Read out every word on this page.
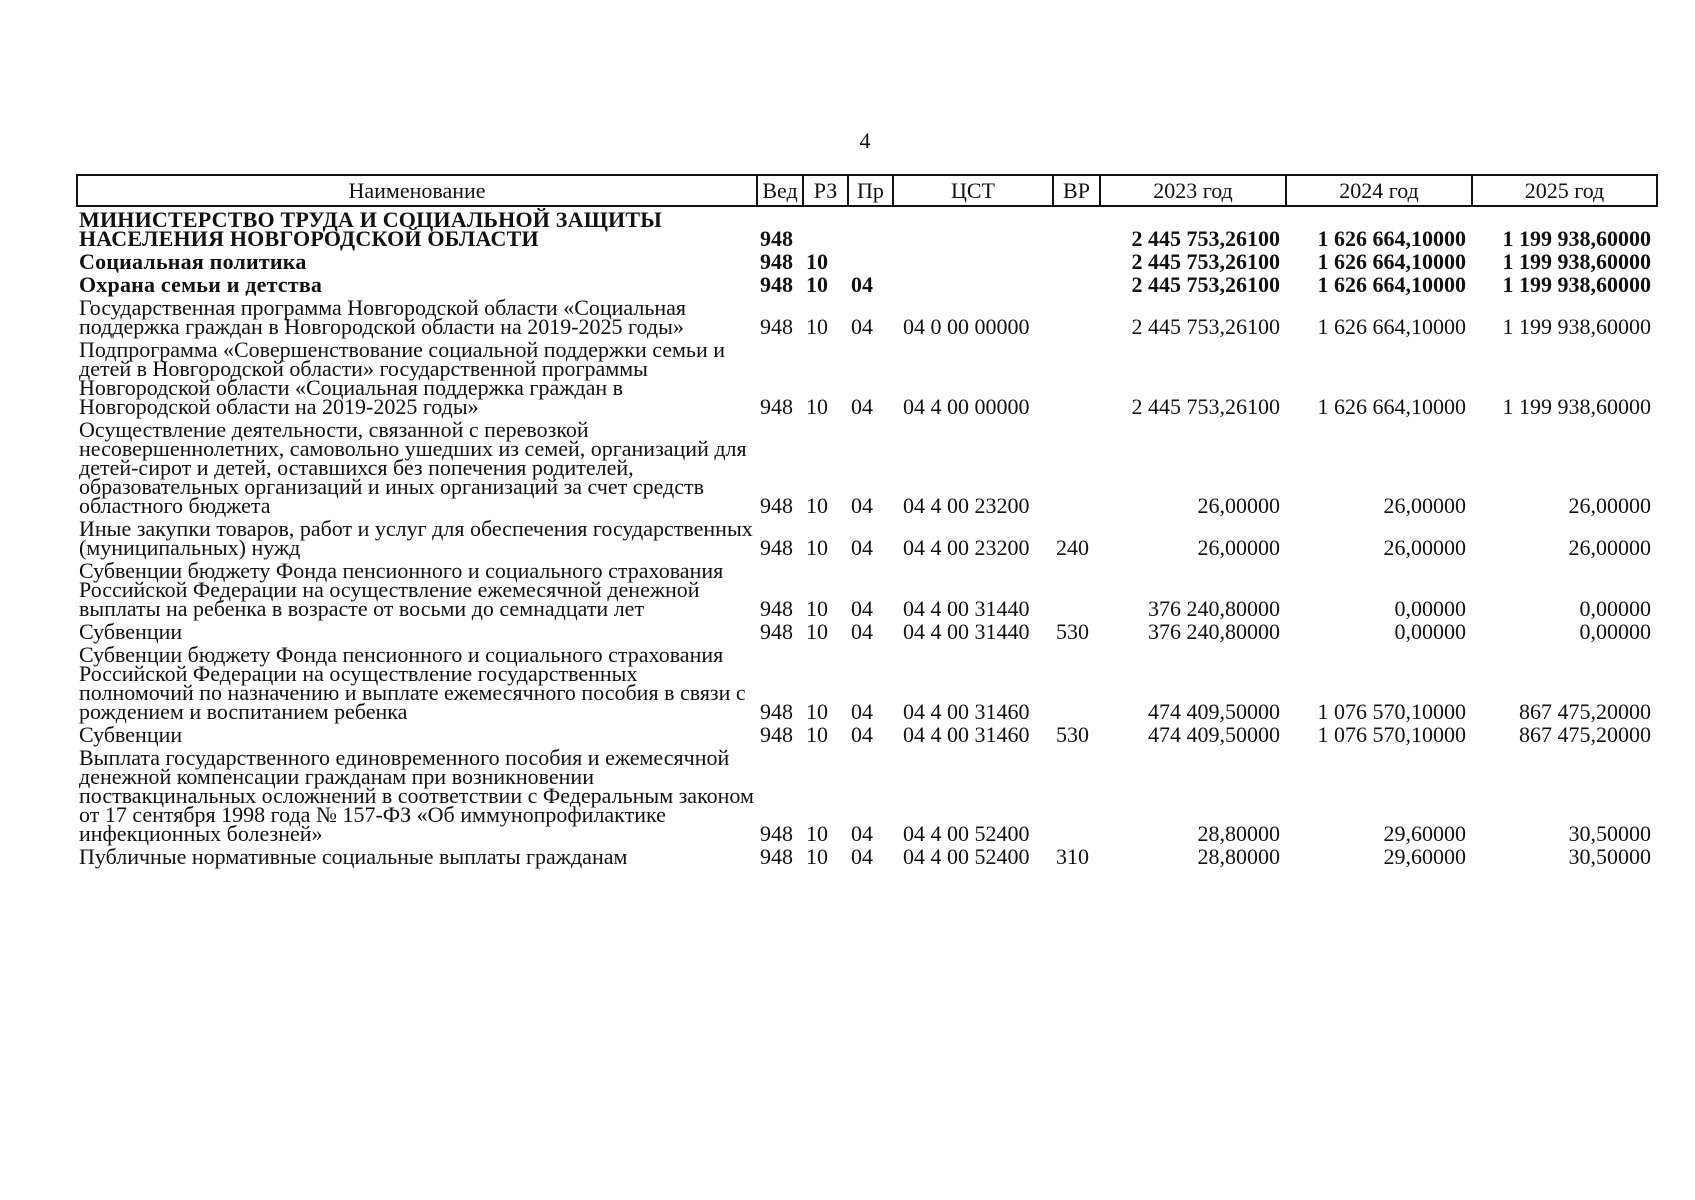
4
Наименование	Вед	РЗ	Пр	ЦСТ	ВР	2023 год	2024 год	2025 год
МИНИСТЕРСТВО ТРУДА И СОЦИАЛЬНОЙ ЗАЩИТЫ НАСЕЛЕНИЯ НОВГОРОДСКОЙ ОБЛАСТИ	948					2 445 753,26100	1 626 664,10000	1 199 938,60000
Социальная политика	948	10				2 445 753,26100	1 626 664,10000	1 199 938,60000
Охрана семьи и детства	948	10	04			2 445 753,26100	1 626 664,10000	1 199 938,60000
Государственная программа Новгородской области «Социальная поддержка граждан в Новгородской области на 2019-2025 годы»	948	10	04	04 0 00 00000		2 445 753,26100	1 626 664,10000	1 199 938,60000
Подпрограмма «Совершенствование социальной поддержки семьи и детей в Новгородской области» государственной программы Новгородской области «Социальная поддержка граждан в Новгородской области на 2019-2025 годы»	948	10	04	04 4 00 00000		2 445 753,26100	1 626 664,10000	1 199 938,60000
Осуществление деятельности, связанной с перевозкой несовершеннолетних, самовольно ушедших из семей, организаций для детей-сирот и детей, оставшихся без попечения родителей, образовательных организаций и иных организаций за счет средств областного бюджета	948	10	04	04 4 00 23200		26,00000	26,00000	26,00000
Иные закупки товаров, работ и услуг для обеспечения государственных (муниципальных) нужд	948	10	04	04 4 00 23200	240	26,00000	26,00000	26,00000
Субвенции бюджету Фонда пенсионного и социального страхования Российской Федерации на осуществление ежемесячной денежной выплаты на ребенка в возрасте от восьми до семнадцати лет	948	10	04	04 4 00 31440		376 240,80000	0,00000	0,00000
Субвенции	948	10	04	04 4 00 31440	530	376 240,80000	0,00000	0,00000
Субвенции бюджету Фонда пенсионного и социального страхования Российской Федерации на осуществление государственных полномочий по назначению и выплате ежемесячного пособия в связи с рождением и воспитанием ребенка	948	10	04	04 4 00 31460		474 409,50000	1 076 570,10000	867 475,20000
Субвенции	948	10	04	04 4 00 31460	530	474 409,50000	1 076 570,10000	867 475,20000
Выплата государственного единовременного пособия и ежемесячной денежной компенсации гражданам при возникновении поствакцинальных осложнений в соответствии с Федеральным законом от 17 сентября 1998 года № 157-ФЗ «Об иммунопрофилактике инфекционных болезней»	948	10	04	04 4 00 52400		28,80000	29,60000	30,50000
Публичные нормативные социальные выплаты гражданам	948	10	04	04 4 00 52400	310	28,80000	29,60000	30,50000
